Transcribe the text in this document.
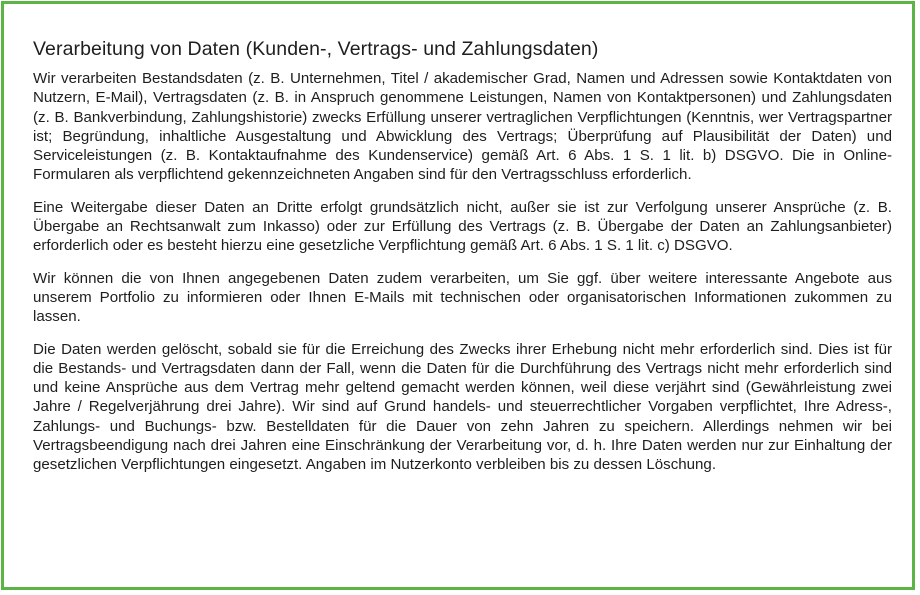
Verarbeitung von Daten (Kunden-, Vertrags- und Zahlungsdaten)

Wir verarbeiten Bestandsdaten (z. B. Unternehmen, Titel / akademischer Grad, Namen und Adressen sowie Kontaktdaten von Nutzern, E-Mail), Vertragsdaten (z. B. in Anspruch genommene Leistungen, Namen von Kontaktpersonen) und Zahlungsdaten (z. B. Bankverbindung, Zahlungshistorie) zwecks Erfüllung unserer vertraglichen Verpflichtungen (Kenntnis, wer Vertragspartner ist; Begründung, inhaltliche Ausgestaltung und Abwicklung des Vertrags; Überprüfung auf Plausibilität der Daten) und Serviceleistungen (z. B. Kontaktaufnahme des Kundenservice) gemäß Art. 6 Abs. 1 S. 1 lit. b) DSGVO. Die in Online-Formularen als verpflichtend gekennzeichneten Angaben sind für den Vertragsschluss erforderlich.

Eine Weitergabe dieser Daten an Dritte erfolgt grundsätzlich nicht, außer sie ist zur Verfolgung unserer Ansprüche (z. B. Übergabe an Rechtsanwalt zum Inkasso) oder zur Erfüllung des Vertrags (z. B. Übergabe der Daten an Zahlungsanbieter) erforderlich oder es besteht hierzu eine gesetzliche Verpflichtung gemäß Art. 6 Abs. 1 S. 1 lit. c) DSGVO.

Wir können die von Ihnen angegebenen Daten zudem verarbeiten, um Sie ggf. über weitere interessante Angebote aus unserem Portfolio zu informieren oder Ihnen E-Mails mit technischen oder organisatorischen Informationen zukommen zu lassen.

Die Daten werden gelöscht, sobald sie für die Erreichung des Zwecks ihrer Erhebung nicht mehr erforderlich sind. Dies ist für die Bestands- und Vertragsdaten dann der Fall, wenn die Daten für die Durchführung des Vertrags nicht mehr erforderlich sind und keine Ansprüche aus dem Vertrag mehr geltend gemacht werden können, weil diese verjährt sind (Gewährleistung zwei Jahre / Regelverjährung drei Jahre). Wir sind auf Grund handels- und steuerrechtlicher Vorgaben verpflichtet, Ihre Adress-, Zahlungs- und Buchungs- bzw. Bestelldaten für die Dauer von zehn Jahren zu speichern. Allerdings nehmen wir bei Vertragsbeendigung nach drei Jahren eine Einschränkung der Verarbeitung vor, d. h. Ihre Daten werden nur zur Einhaltung der gesetzlichen Verpflichtungen eingesetzt. Angaben im Nutzerkonto verbleiben bis zu dessen Löschung.
